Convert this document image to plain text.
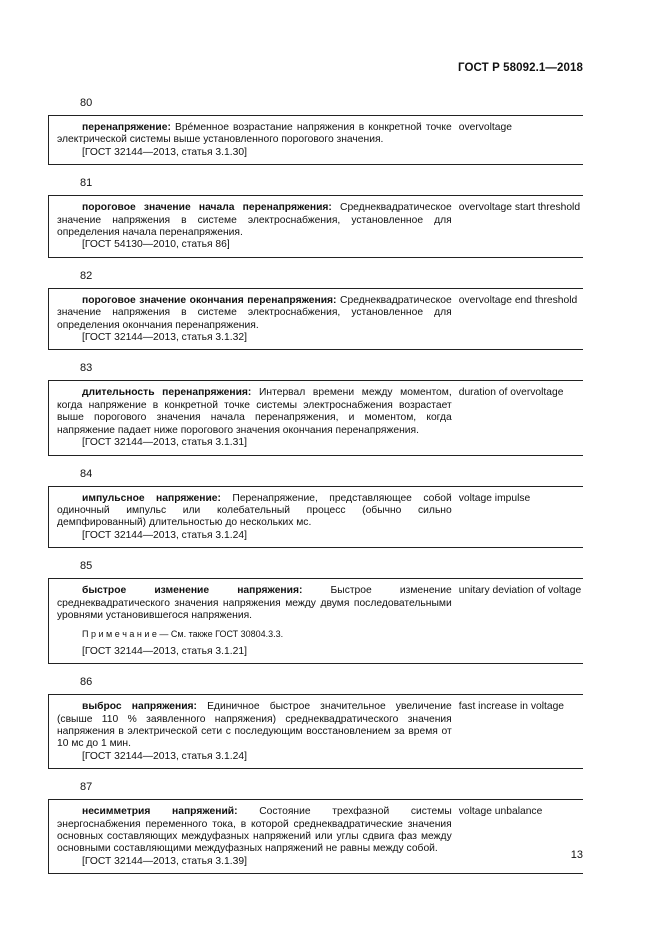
ГОСТ Р 58092.1—2018
80
перенапряжение: Врéменное возрастание напряжения в конкретной точке электрической системы выше установленного порогового значения.
[ГОСТ 32144—2013, статья 3.1.30]
overvoltage
81
пороговое значение начала перенапряжения: Среднеквадратическое значение напряжения в системе электроснабжения, установленное для определения начала перенапряжения.
[ГОСТ 54130—2010, статья 86]
overvoltage start threshold
82
пороговое значение окончания перенапряжения: Среднеквадратическое значение напряжения в системе электроснабжения, установленное для определения окончания перенапряжения.
[ГОСТ 32144—2013, статья 3.1.32]
overvoltage end threshold
83
длительность перенапряжения: Интервал времени между моментом, когда напряжение в конкретной точке системы электроснабжения возрастает выше порогового значения начала перенапряжения, и моментом, когда напряжение падает ниже порогового значения окончания перенапряжения.
[ГОСТ 32144—2013, статья 3.1.31]
duration of overvoltage
84
импульсное напряжение: Перенапряжение, представляющее собой одиночный импульс или колебательный процесс (обычно сильно демпфированный) длительностью до нескольких мс.
[ГОСТ 32144—2013, статья 3.1.24]
voltage impulse
85
быстрое изменение напряжения: Быстрое изменение среднеквадратического значения напряжения между двумя последовательными уровнями установившегося напряжения.
П р и м е ч а н и е — См. также ГОСТ 30804.3.3.
[ГОСТ 32144—2013, статья 3.1.21]
unitary deviation of voltage
86
выброс напряжения: Единичное быстрое значительное увеличение (свыше 110 % заявленного напряжения) среднеквадратического значения напряжения в электрической сети с последующим восстановлением за время от 10 мс до 1 мин.
[ГОСТ 32144—2013, статья 3.1.24]
fast increase in voltage
87
несимметрия напряжений: Состояние трехфазной системы энергоснабжения переменного тока, в которой среднеквадратические значения основных составляющих междуфазных напряжений или углы сдвига фаз между основными составляющими междуфазных напряжений не равны между собой.
[ГОСТ 32144—2013, статья 3.1.39]
voltage unbalance
13
